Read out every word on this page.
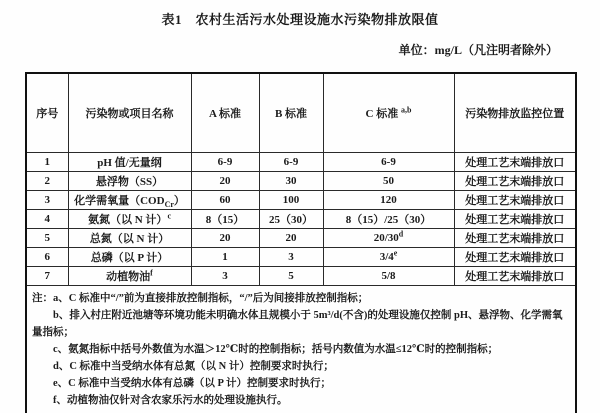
表1　农村生活污水处理设施水污染物排放限值
单位：mg/L（凡注明者除外）
序号	污染物或项目名称	A 标准	B 标准	C 标准 $^{a,b}$	污染物排放监控位置
1	pH 值/无量纲	6-9	6-9	6-9	处理工艺末端排放口
2	悬浮物（SS）	20	30	50	处理工艺末端排放口
3	化学需氧量$(COD_{Cr})$	60	100	120	处理工艺末端排放口
4	氨氮（以 N 计）$^c$	8（15）	25（30）	8（15）/25（30）	处理工艺末端排放口
5	总氮（以 N 计）	20	20	20/30$^d$	处理工艺末端排放口
6	总磷（以 P 计）	1	3	3/4e	处理工艺末端排放口
7	动植物油$^f$	3	5	5/8	处理工艺末端排放口

注：a、C 标准中“/”前为直接排放控制指标，“/”后为间接排放控制指标；
b、排入村庄附近池塘等环境功能未明确水体且规模小于 5m³/d(不含)的处理设施仅控制 pH、悬浮物、化学需氧量指标；
c、氨氮指标中括号外数值为水温＞12℃时的控制指标；括号内数值为水温≤12℃时的控制指标；
d、C 标准中当受纳水体有总氮（以 N 计）控制要求时执行；
e、C 标准中当受纳水体有总磷（以 P 计）控制要求时执行；
f、动植物油仅针对含农家乐污水的处理设施执行。
